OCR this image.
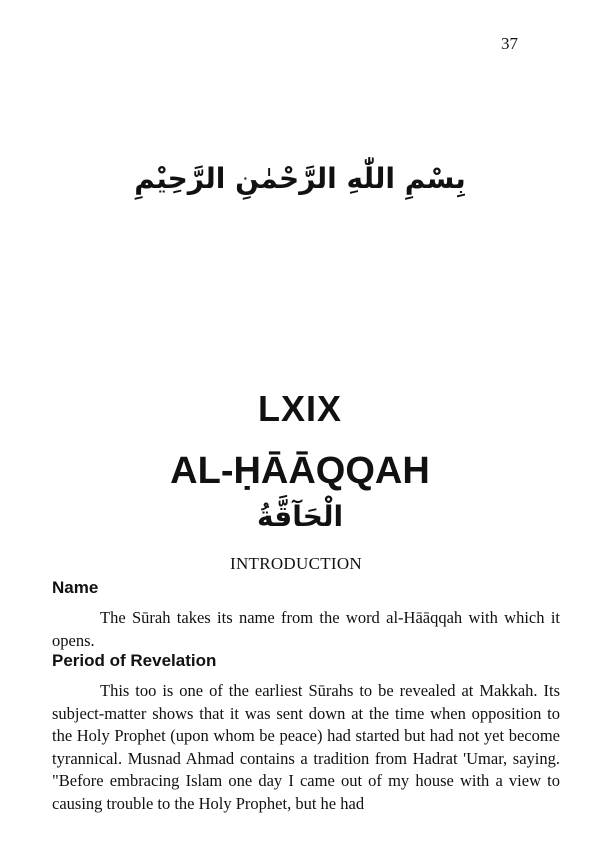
37
بِسْمِ اللّٰهِ الرَّحْمٰنِ الرَّحِيْمِ
LXIX
AL-ḤĀĀQQAH
الْحَآقَّةُ
INTRODUCTION
Name

The Sūrah takes its name from the word al-Hāāqqah with which it opens.

Period of Revelation

This too is one of the earliest Sūrahs to be revealed at Makkah. Its subject-matter shows that it was sent down at the time when opposition to the Holy Prophet (upon whom be peace) had started but had not yet become tyrannical. Musnad Ahmad contains a tradition from Hadrat 'Umar, saying. "Before embracing Islam one day I came out of my house with a view to causing trouble to the Holy Prophet, but he had
